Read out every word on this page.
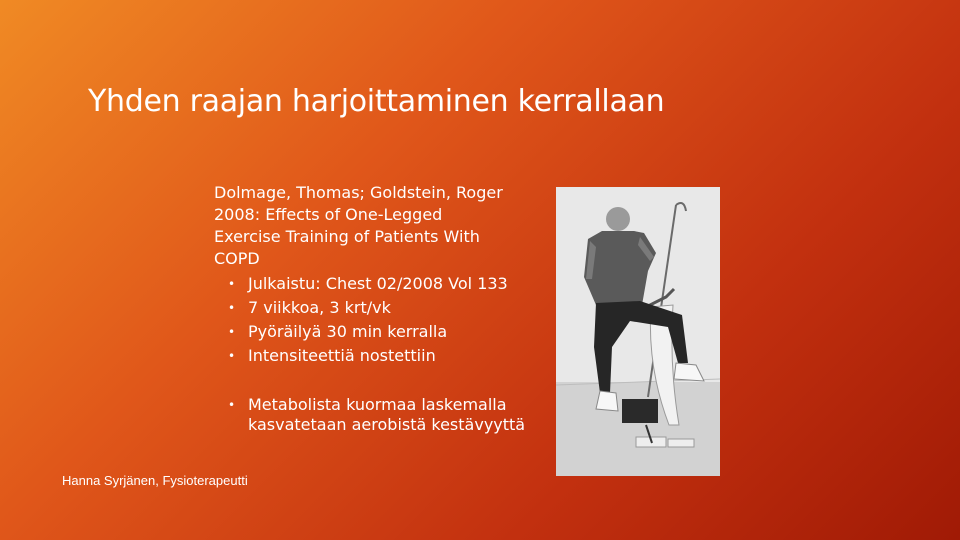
Yhden raajan harjoittaminen kerrallaan
Dolmage, Thomas; Goldstein, Roger
2008: Effects of One-Legged
Exercise Training of Patients With
COPD
• Julkaistu: Chest 02/2008 Vol 133
• 7 viikkoa, 3 krt/vk
• Pyöräilyä 30 min kerralla
• Intensiteettiä nostettiin
• Metabolista kuormaa laskemalla
kasvatetaan aerobistä kestävyyttä
Hanna Syrjänen, Fysioterapeutti
